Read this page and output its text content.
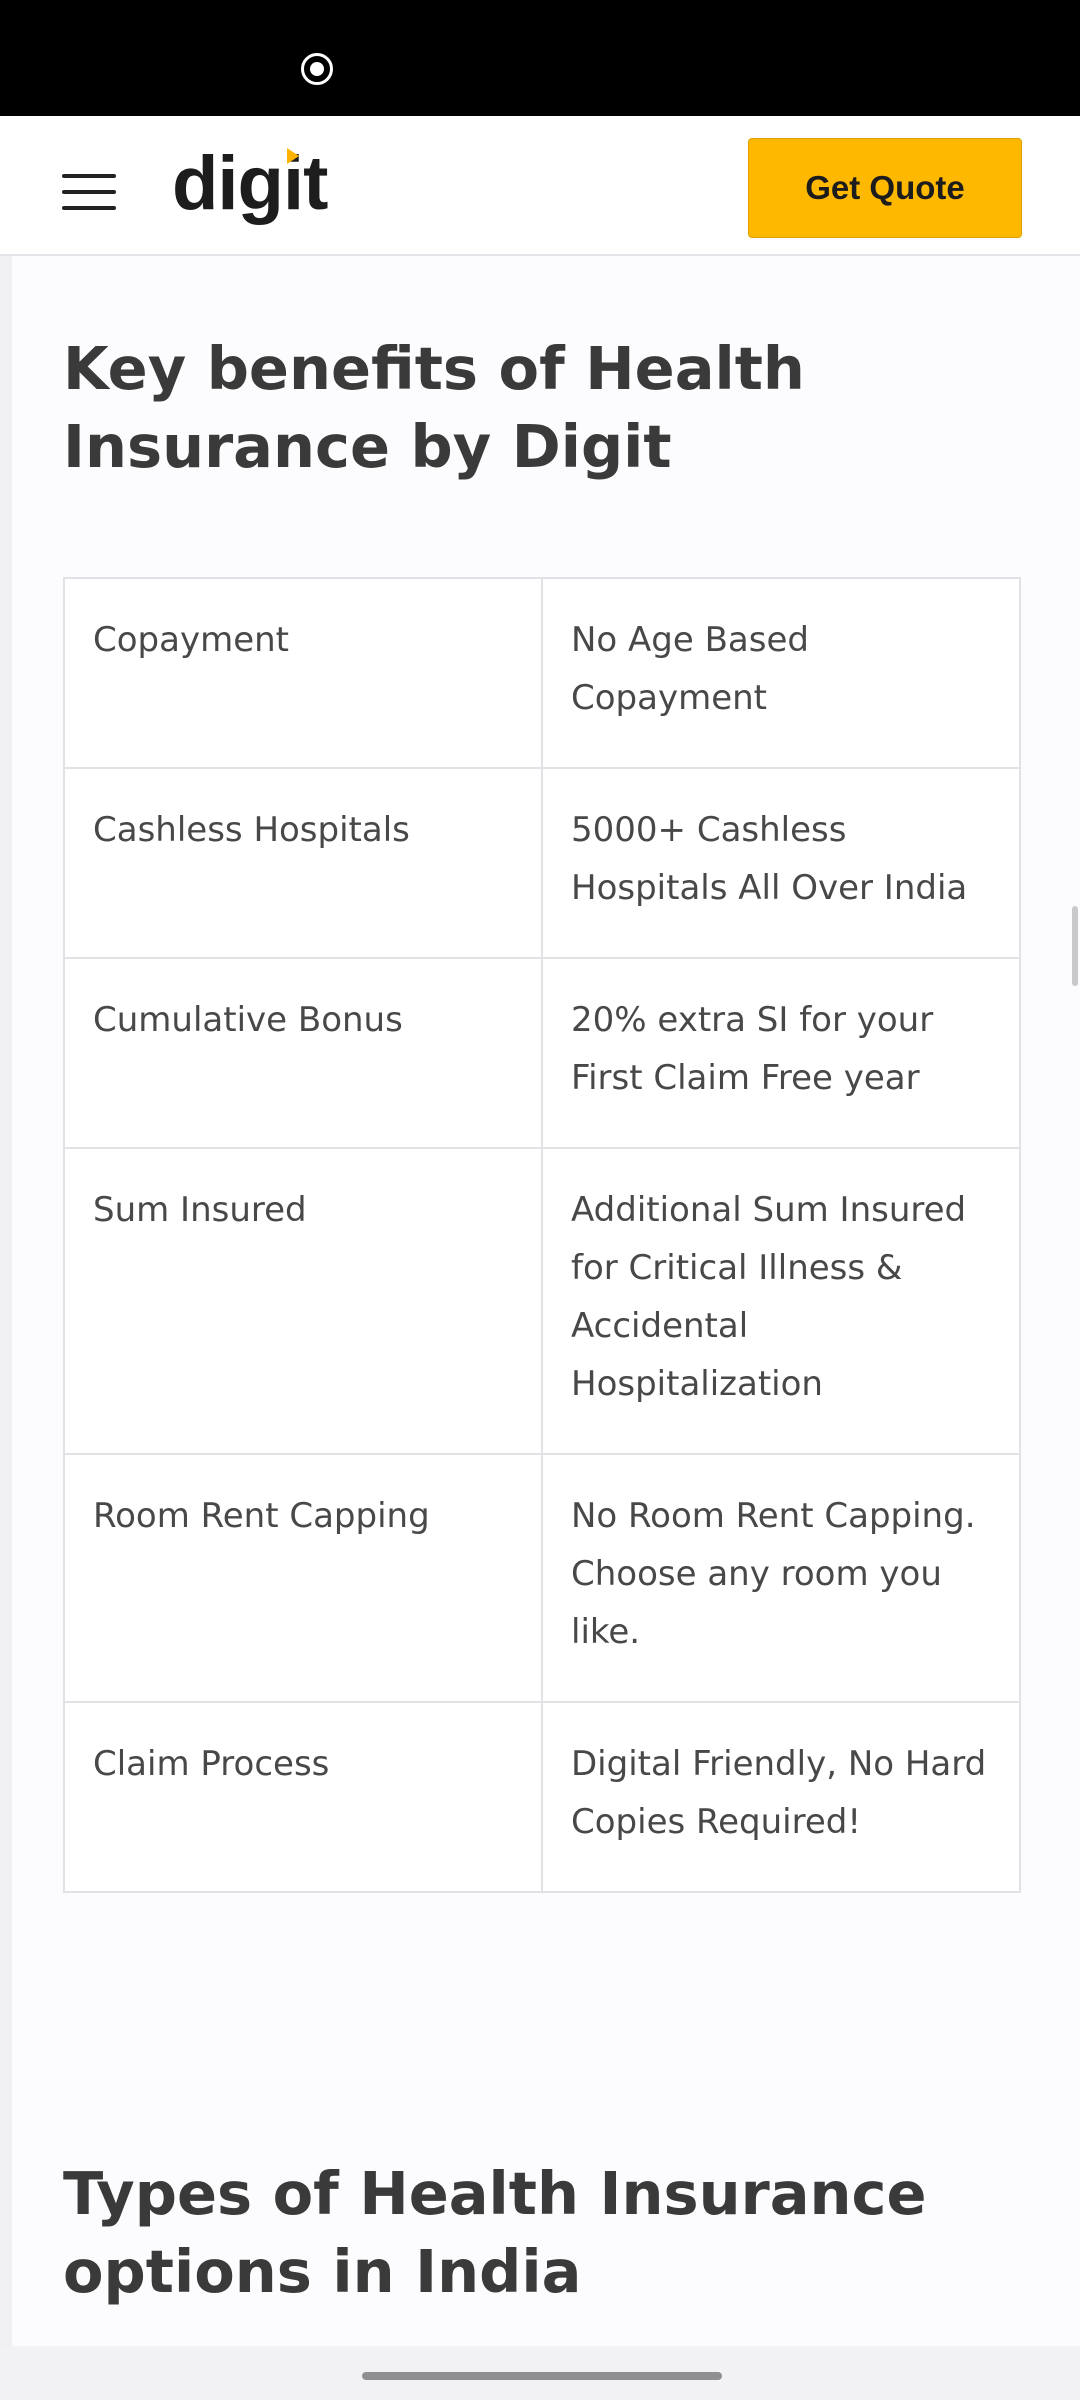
digit	Get Quote
Key benefits of Health Insurance by Digit

Copayment	No Age Based Copayment

Cashless Hospitals	5000+ Cashless Hospitals All Over India

Cumulative Bonus	20% extra SI for your First Claim Free year

Sum Insured	Additional Sum Insured for Critical Illness & Accidental Hospitalization

Room Rent Capping	No Room Rent Capping. Choose any room you like.

Claim Process	Digital Friendly, No Hard Copies Required!

Types of Health Insurance options in India
